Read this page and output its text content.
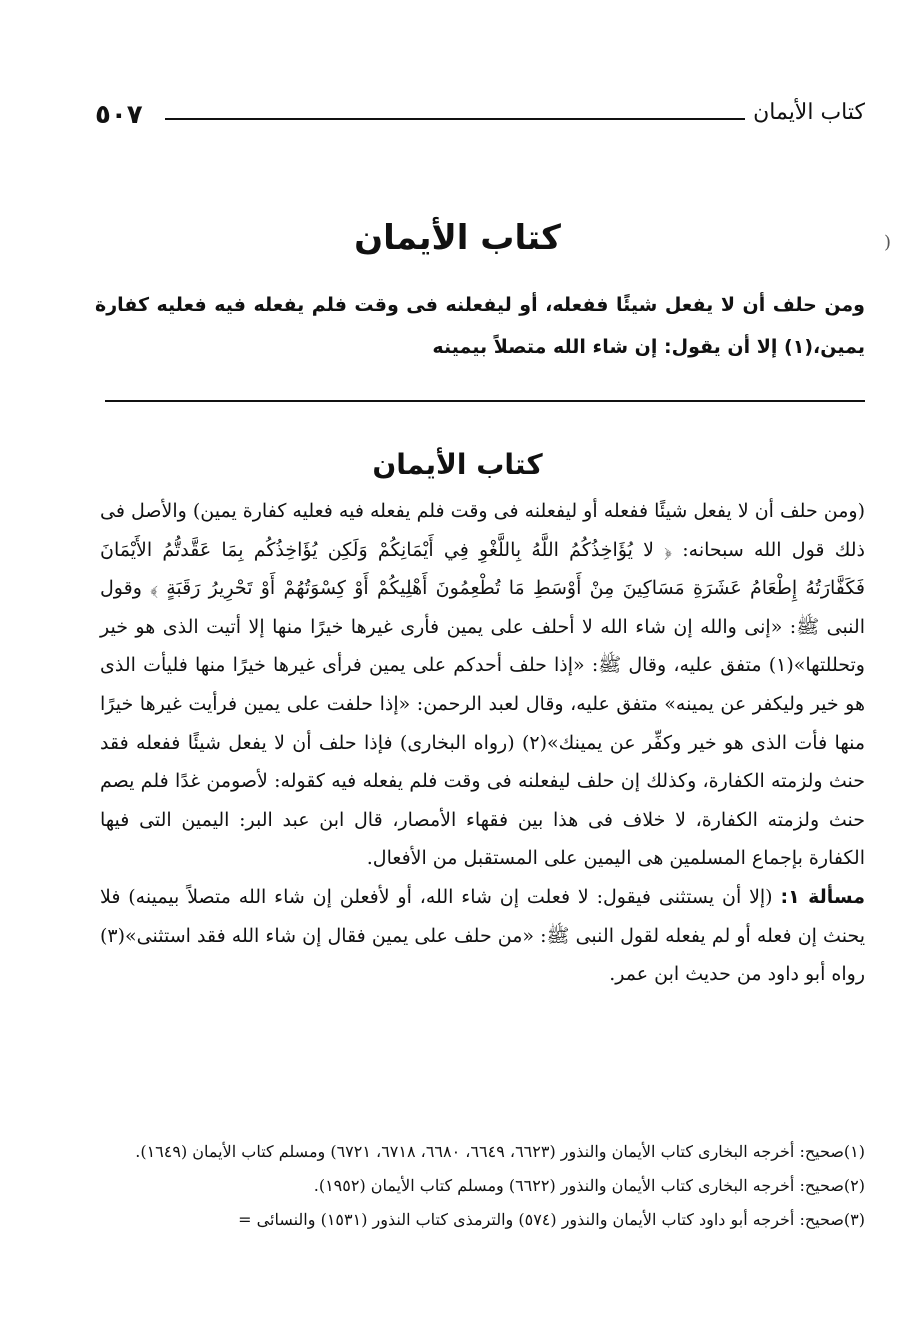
٥٠٧	كتاب الأيمان
(
كتاب الأيمان
ومن حلف أن لا يفعل شيئًا ففعله، أو ليفعلنه فى وقت فلم يفعله فيه فعليه كفارة يمين،(١) إلا أن يقول: إن شاء الله متصلاً بيمينه
كتاب الأيمان

(ومن حلف أن لا يفعل شيئًا ففعله أو ليفعلنه فى وقت فلم يفعله فيه فعليه كفارة يمين) والأصل فى ذلك قول الله سبحانه: ﴿ لا يُؤَاخِذُكُمُ اللَّهُ بِاللَّغْوِ فِي أَيْمَانِكُمْ وَلَكِن يُؤَاخِذُكُم بِمَا عَقَّدتُّمُ الأَيْمَانَ فَكَفَّارَتُهُ إِطْعَامُ عَشَرَةِ مَسَاكِينَ مِنْ أَوْسَطِ مَا تُطْعِمُونَ أَهْلِيكُمْ أَوْ كِسْوَتُهُمْ أَوْ تَحْرِيرُ رَقَبَةٍ ﴾ وقول النبى ﷺ: «إنى والله إن شاء الله لا أحلف على يمين فأرى غيرها خيرًا منها إلا أتيت الذى هو خير وتحللتها»(١) متفق عليه، وقال ﷺ: «إذا حلف أحدكم على يمين فرأى غيرها خيرًا منها فليأت الذى هو خير وليكفر عن يمينه» متفق عليه، وقال لعبد الرحمن: «إذا حلفت على يمين فرأيت غيرها خيرًا منها فأت الذى هو خير وكفِّر عن يمينك»(٢) (رواه البخارى) فإذا حلف أن لا يفعل شيئًا ففعله فقد حنث ولزمته الكفارة، وكذلك إن حلف ليفعلنه فى وقت فلم يفعله فيه كقوله: لأصومن غدًا فلم يصم حنث ولزمته الكفارة، لا خلاف فى هذا بين فقهاء الأمصار، قال ابن عبد البر: اليمين التى فيها الكفارة بإجماع المسلمين هى اليمين على المستقبل من الأفعال.

مسألة ١: (إلا أن يستثنى فيقول: لا فعلت إن شاء الله، أو لأفعلن إن شاء الله متصلاً بيمينه) فلا يحنث إن فعله أو لم يفعله لقول النبى ﷺ: «من حلف على يمين فقال إن شاء الله فقد استثنى»(٣) رواه أبو داود من حديث ابن عمر.

(١)صحيح: أخرجه البخارى كتاب الأيمان والنذور (٦٦٢٣، ٦٦٤٩، ٦٦٨٠، ٦٧١٨، ٦٧٢١) ومسلم كتاب الأيمان (١٦٤٩).

(٢)صحيح: أخرجه البخارى كتاب الأيمان والنذور (٦٦٢٢) ومسلم كتاب الأيمان (١٩٥٢).

(٣)صحيح: أخرجه أبو داود كتاب الأيمان والنذور (٥٧٤) والترمذى كتاب النذور (١٥٣١) والنسائى =
